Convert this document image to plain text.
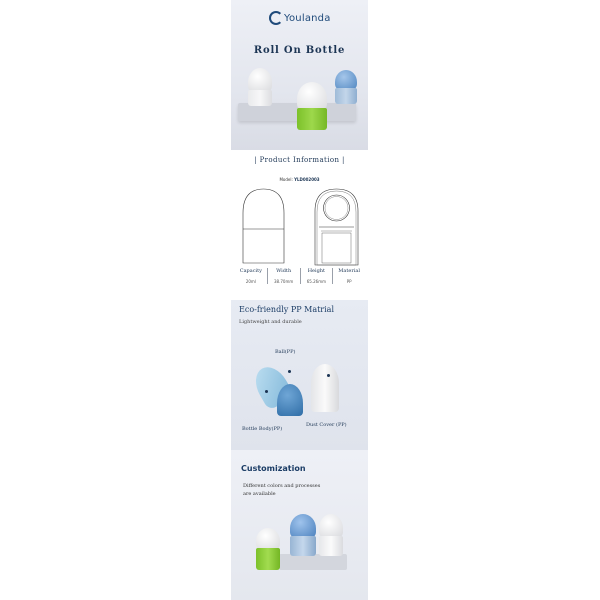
Youlanda
Roll On Bottle
| Product Information |
Model: YLD002003
Capacity
20ml
Width
38.70mm
Height
65.26mm
Material
PP
Eco-friendly PP Matrial
Lightweight and durable
Ball(PP)
Bottle Body(PP)
Dust Cover (PP)
Customization
Different colors and processes are available
